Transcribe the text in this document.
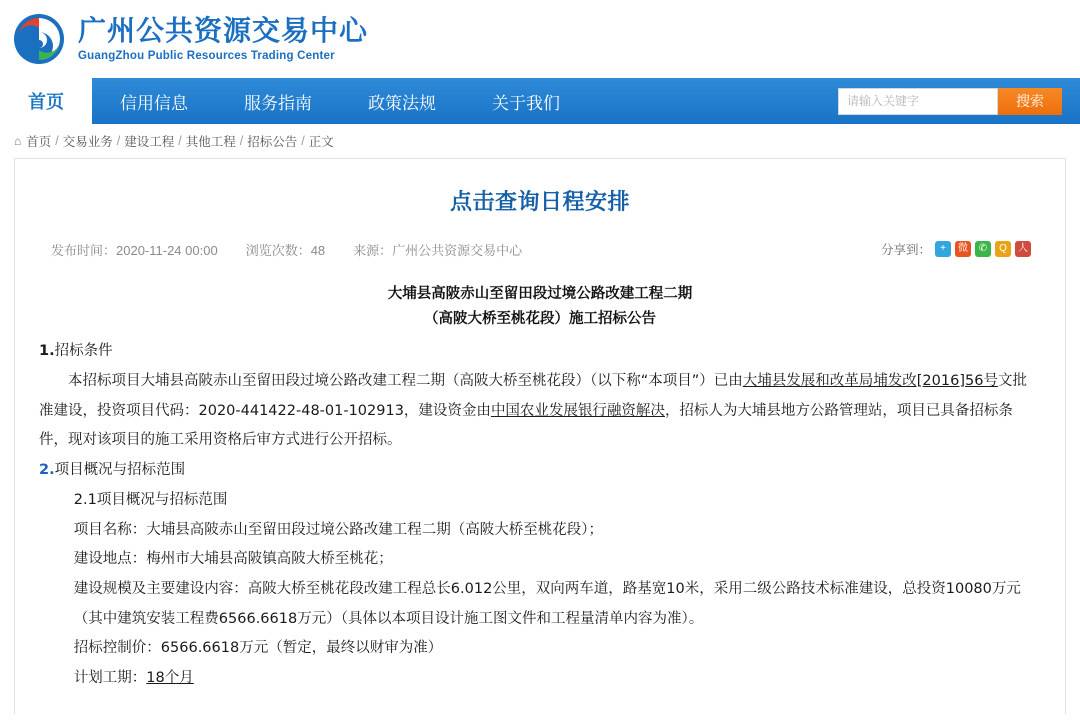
广州公共资源交易中心
GuangZhou Public Resources Trading Center
首页	信用信息	服务指南	政策法规	关于我们
请输入关键字	搜索
⌂ 首页 / 交易业务 / 建设工程 / 其他工程 / 招标公告 / 正文
点击查询日程安排
发布时间：2020-11-24 00:00 浏览次数：48 来源：广州公共资源交易中心	分享到： +	微	✆	Q	人
大埔县高陂赤山至留田段过境公路改建工程二期
（高陂大桥至桃花段）施工招标公告

1.招标条件

本招标项目大埔县高陂赤山至留田段过境公路改建工程二期（高陂大桥至桃花段）（以下称“本项目”）已由大埔县发展和改革局埔发改[2016]56号文批准建设，投资项目代码：2020-441422-48-01-102913，建设资金由中国农业发展银行融资解决，招标人为大埔县地方公路管理站，项目已具备招标条件，现对该项目的施工采用资格后审方式进行公开招标。

2.项目概况与招标范围

2.1项目概况与招标范围

项目名称：大埔县高陂赤山至留田段过境公路改建工程二期（高陂大桥至桃花段）；

建设地点：梅州市大埔县高陂镇高陂大桥至桃花；

建设规模及主要建设内容：高陂大桥至桃花段改建工程总长6.012公里，双向两车道，路基宽10米，采用二级公路技术标准建设，总投资10080万元（其中建筑安装工程费6566.6618万元）（具体以本项目设计施工图文件和工程量清单内容为准）。

招标控制价：6566.6618万元（暂定，最终以财审为准）

计划工期：18个月
